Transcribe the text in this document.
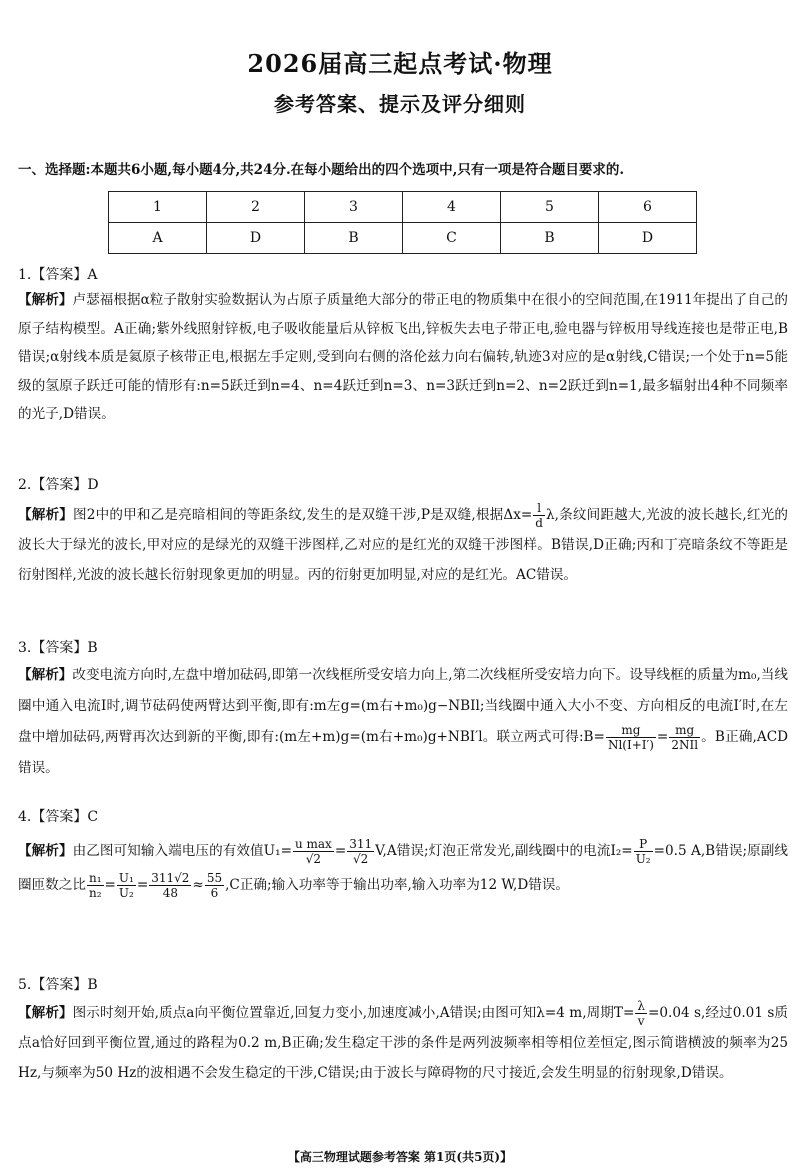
2026届高三起点考试·物理
参考答案、提示及评分细则
一、选择题:本题共6小题,每小题4分,共24分.在每小题给出的四个选项中,只有一项是符合题目要求的.
1	2	3	4	5	6
A	D	B	C	B	D
1.【答案】A
【解析】卢瑟福根据α粒子散射实验数据认为占原子质量绝大部分的带正电的物质集中在很小的空间范围,在1911年提出了自己的原子结构模型。A正确;紫外线照射锌板,电子吸收能量后从锌板飞出,锌板失去电子带正电,验电器与锌板用导线连接也是带正电,B错误;α射线本质是氦原子核带正电,根据左手定则,受到向右侧的洛伦兹力向右偏转,轨迹3对应的是α射线,C错误;一个处于n=5能级的氢原子跃迁可能的情形有:n=5跃迁到n=4、n=4跃迁到n=3、n=3跃迁到n=2、n=2跃迁到n=1,最多辐射出4种不同频率的光子,D错误。
2.【答案】D
【解析】图2中的甲和乙是亮暗相间的等距条纹,发生的是双缝干涉,P是双缝,根据$\Delta x= \frac{l}{d} \lambda$,条纹间距越大,光波的波长越长,红光的波长大于绿光的波长,甲对应的是绿光的双缝干涉图样,乙对应的是红光的双缝干涉图样。B错误,D正确;丙和丁亮暗条纹不等距是衍射图样,光波的波长越长衍射现象更加的明显。丙的衍射更加明显,对应的是红光。AC错误。
3.【答案】B
【解析】改变电流方向时,左盘中增加砝码,即第一次线框所受安培力向上,第二次线框所受安培力向下。设导线框的质量为m₀,当线圈中通入电流I时,调节砝码使两臂达到平衡,即有:m左g=(m右+m₀)g−NBIl;当线圈中通入大小不变、方向相反的电流I′时,在左盘中增加砝码,两臂再次达到新的平衡,即有:(m左+m)g=(m右+m₀)g+NBI′l。联立两式可得:B= $\frac{mg}{Nl(I+I')} = \frac{mg}{\text{2NIl}}$ 。B正确,ACD错误。
4.【答案】C
【解析】由乙图可知输入端电压的有效值$U_1= \frac{\text{u max}}{√2} = \frac{311}{√2} V,A$错误;灯泡正常发光,副线圈中的电流$I_2= \frac{P}{\text{U₂}} =0.5$ A,B错误;原副线圈匝数之比 $\frac{\text{n₁}}{\text{n₂}} = \frac{\text{U₁}}{\text{U₂}} = \frac{311√2}{48} \approx \frac{55}{6} ,C$正确;输入功率等于输出功率,输入功率为12 W,D错误。
5.【答案】B
【解析】图示时刻开始,质点a向平衡位置靠近,回复力变小,加速度减小,A错误;由图可知λ=4 m,周期$T= \frac{\lambda}{v} =0.04$ s,经过0.01 s质点a恰好回到平衡位置,通过的路程为0.2 m,B正确;发生稳定干涉的条件是两列波频率相等相位差恒定,图示简谐横波的频率为25 Hz,与频率为50 Hz的波相遇不会发生稳定的干涉,C错误;由于波长与障碍物的尺寸接近,会发生明显的衍射现象,D错误。
【高三物理试题参考答案 第1页(共5页)】
